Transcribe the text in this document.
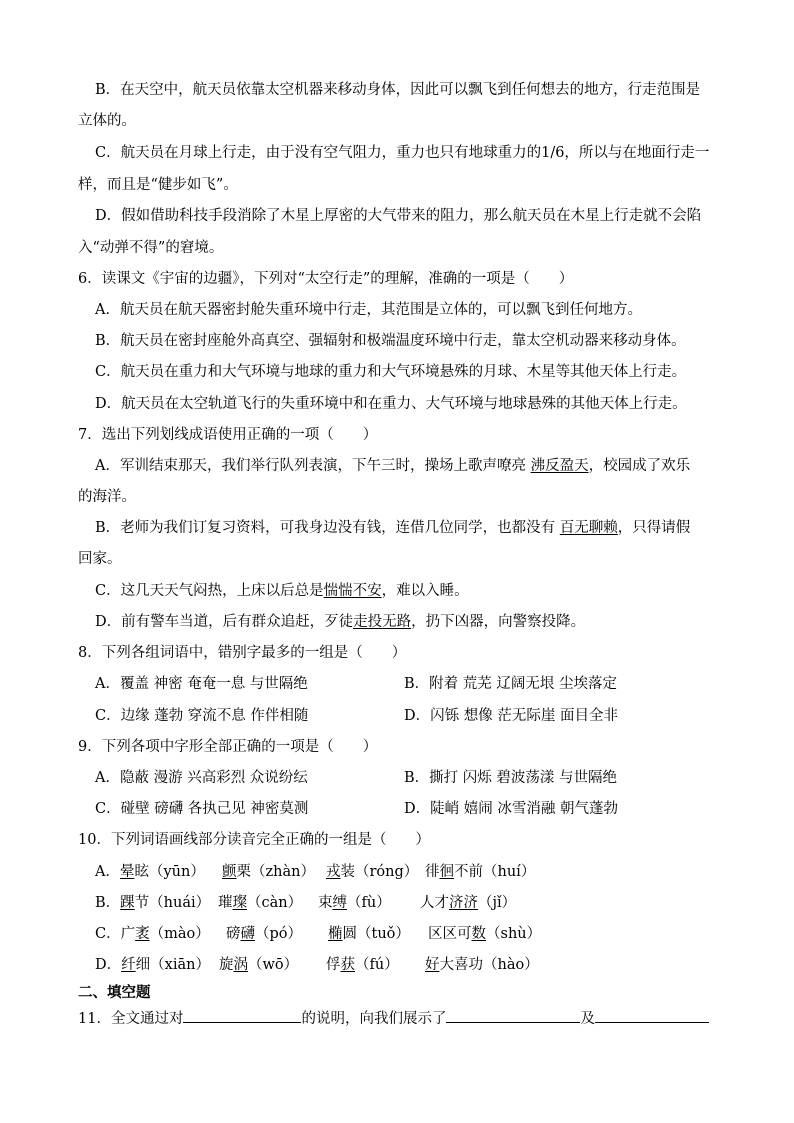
B．在天空中，航天员依靠太空机器来移动身体，因此可以飘飞到任何想去的地方，行走范围是
立体的。
C．航天员在月球上行走，由于没有空气阻力，重力也只有地球重力的1/6，所以与在地面行走一
样，而且是“健步如飞”。
D．假如借助科技手段消除了木星上厚密的大气带来的阻力，那么航天员在木星上行走就不会陷
入“动弹不得”的窘境。
6．读课文《宇宙的边疆》，下列对“太空行走”的理解，准确的一项是（　　）
A．航天员在航天器密封舱失重环境中行走，其范围是立体的，可以飘飞到任何地方。
B．航天员在密封座舱外高真空、强辐射和极端温度环境中行走，靠太空机动器来移动身体。
C．航天员在重力和大气环境与地球的重力和大气环境悬殊的月球、木星等其他天体上行走。
D．航天员在太空轨道飞行的失重环境中和在重力、大气环境与地球悬殊的其他天体上行走。
7．选出下列划线成语使用正确的一项（　　）
A．军训结束那天，我们举行队列表演，下午三时，操场上歌声嘹亮 沸反盈天，校园成了欢乐
的海洋。
B．老师为我们订复习资料，可我身边没有钱，连借几位同学，也都没有 百无聊赖，只得请假
回家。
C．这几天天气闷热，上床以后总是惴惴不安，难以入睡。
D．前有警车当道，后有群众追赶，歹徒走投无路，扔下凶器，向警察投降。
8．下列各组词语中，错别字最多的一组是（　　）
A．覆盖 神密 奄奄一息 与世隔绝	B．附着 荒芜 辽阔无垠 尘埃落定
C．边缘 蓬勃 穿流不息 作伴相随	D．闪铄 想像 茫无际崖 面目全非
9．下列各项中字形全部正确的一项是（　　）
A．隐蔽 漫游 兴高彩烈 众说纷纭	B．撕打 闪烁 碧波荡漾 与世隔绝
C．碰壁 磅礴 各执己见 神密莫测	D．陡峭 嬉闹 冰雪消融 朝气蓬勃
10．下列词语画线部分读音完全正确的一组是（　　）
A．晕眩（yūn） 颤栗（zhàn） 戎装（róng） 徘徊不前（huí）
B．踝节（huái） 璀璨（càn） 束缚（fù） 人才济济（jǐ）
C．广袤（mào） 磅礴（pó） 椭圆（tuǒ） 区区可数（shù）
D．纤细（xiān） 旋涡（wō） 俘获（fú） 好大喜功（hào）
二、填空题
11．全文通过对	的说明，向我们展示了	及
